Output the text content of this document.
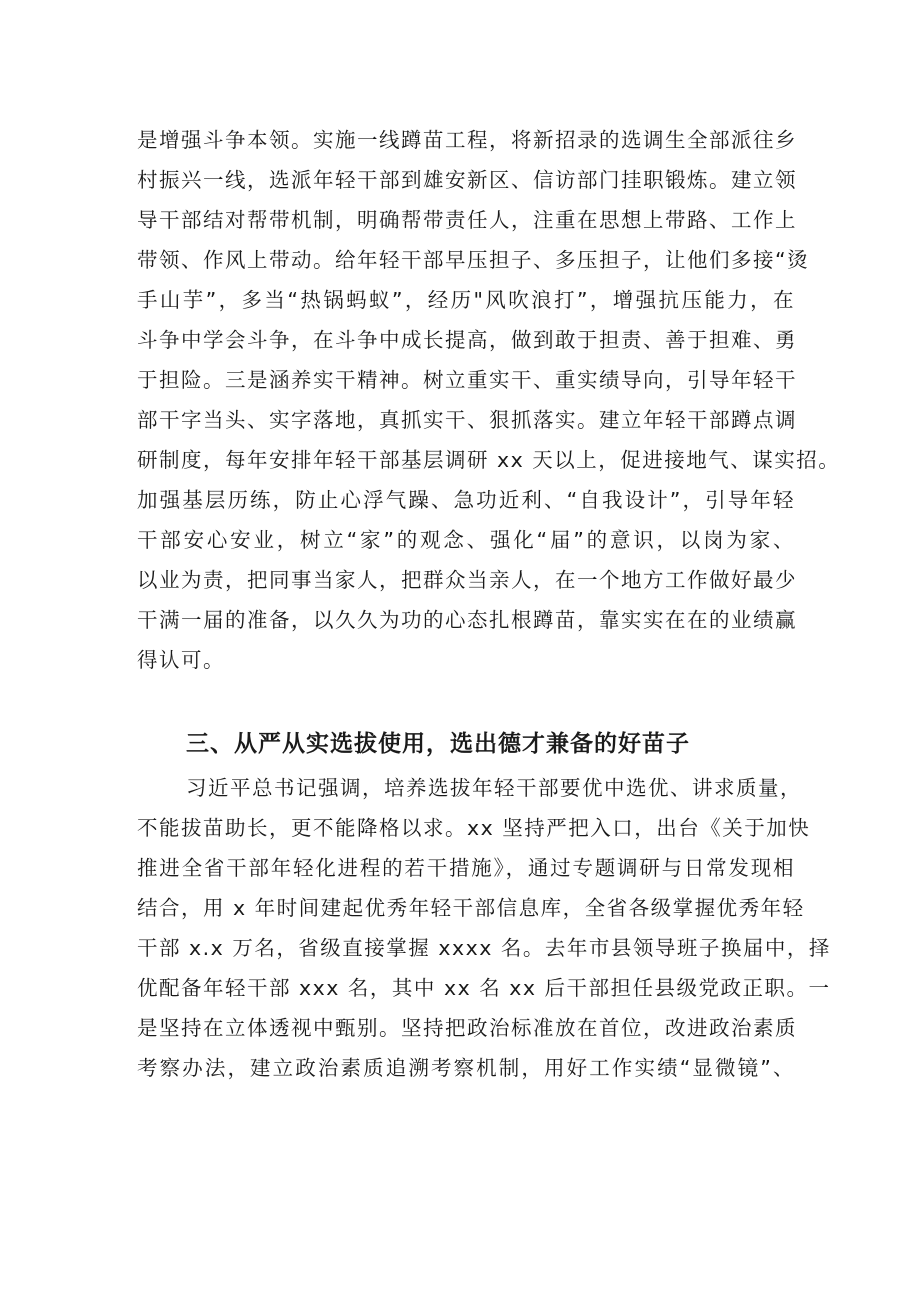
是增强斗争本领。实施一线蹲苗工程，将新招录的选调生全部派往乡
村振兴一线，选派年轻干部到雄安新区、信访部门挂职锻炼。建立领
导干部结对帮带机制，明确帮带责任人，注重在思想上带路、工作上
带领、作风上带动。给年轻干部早压担子、多压担子，让他们多接“烫
手山芋”，多当“热锅蚂蚁”，经历"风吹浪打”，增强抗压能力，在
斗争中学会斗争，在斗争中成长提高，做到敢于担责、善于担难、勇
于担险。三是涵养实干精神。树立重实干、重实绩导向，引导年轻干
部干字当头、实字落地，真抓实干、狠抓落实。建立年轻干部蹲点调
研制度，每年安排年轻干部基层调研 xx 天以上，促进接地气、谋实招。
加强基层历练，防止心浮气躁、急功近利、“自我设计”，引导年轻
干部安心安业，树立“家”的观念、强化“届”的意识，以岗为家、
以业为责，把同事当家人，把群众当亲人，在一个地方工作做好最少
干满一届的准备，以久久为功的心态扎根蹲苗，靠实实在在的业绩赢
得认可。
三、从严从实选拔使用，选出德才兼备的好苗子
习近平总书记强调，培养选拔年轻干部要优中选优、讲求质量，
不能拔苗助长，更不能降格以求。xx 坚持严把入口，出台《关于加快
推进全省干部年轻化进程的若干措施》，通过专题调研与日常发现相
结合，用 x 年时间建起优秀年轻干部信息库，全省各级掌握优秀年轻
干部 x.x 万名，省级直接掌握 xxxx 名。去年市县领导班子换届中，择
优配备年轻干部 xxx 名，其中 xx 名 xx 后干部担任县级党政正职。一
是坚持在立体透视中甄别。坚持把政治标准放在首位，改进政治素质
考察办法，建立政治素质追溯考察机制，用好工作实绩“显微镜”、
